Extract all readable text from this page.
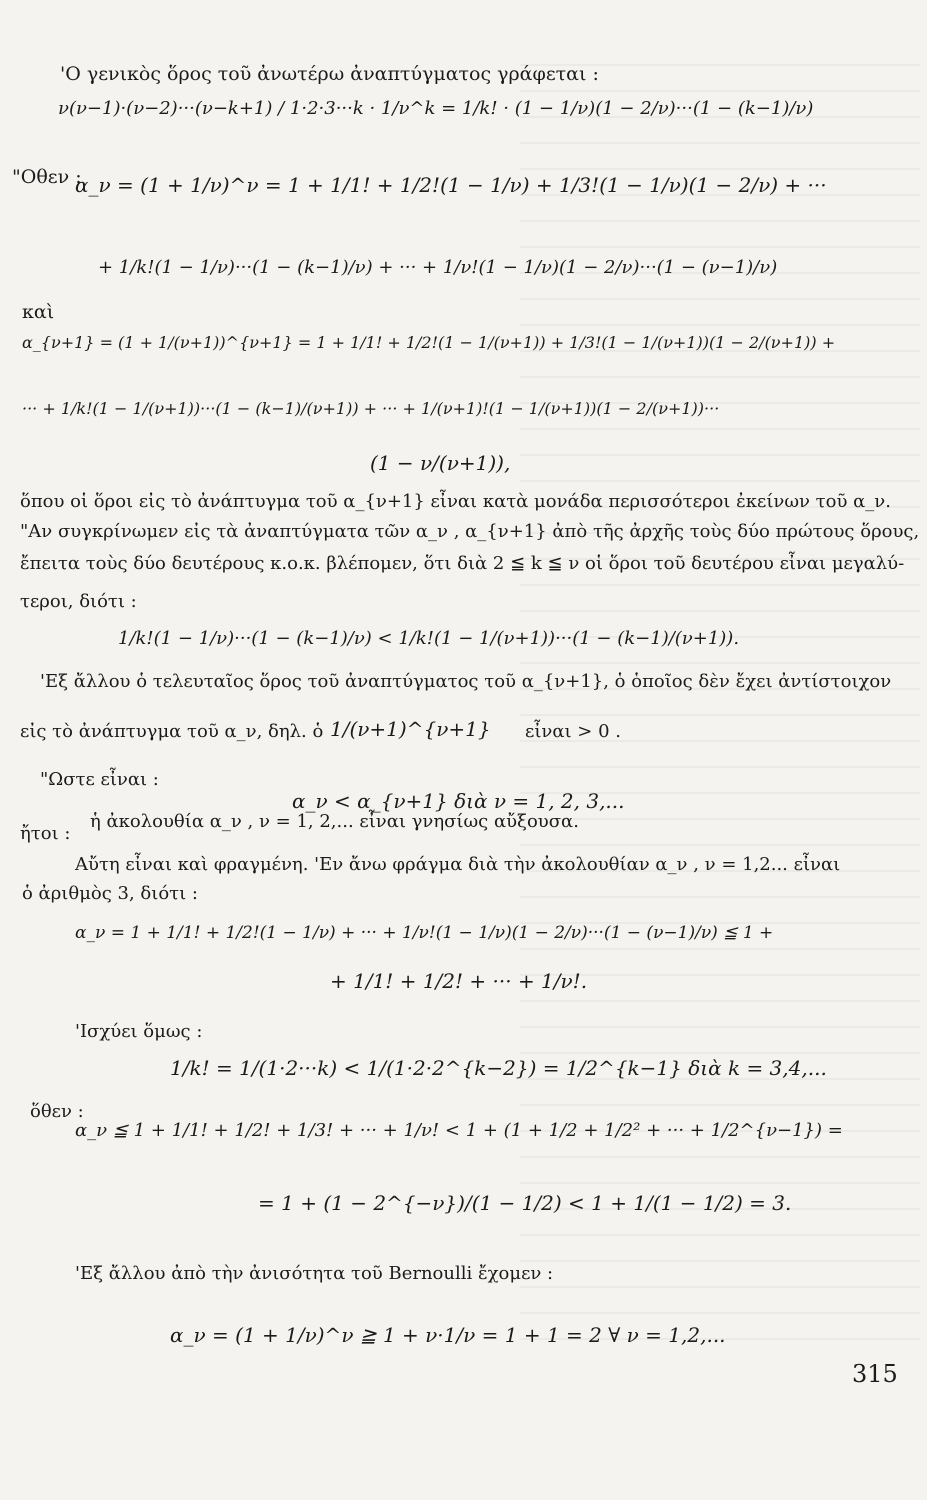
'Ο γενικὸς ὅρος τοῦ ἀνωτέρω ἀναπτύγματος γράφεται :
ν(ν−1)·(ν−2)···(ν−k+1) / 1·2·3···k · 1/ν^k = 1/k! · (1 − 1/ν)(1 − 2/ν)···(1 − (k−1)/ν)
"Οθεν :
α_ν = (1 + 1/ν)^ν = 1 + 1/1! + 1/2!(1 − 1/ν) + 1/3!(1 − 1/ν)(1 − 2/ν) + ···
+ 1/k!(1 − 1/ν)···(1 − (k−1)/ν) + ··· + 1/ν!(1 − 1/ν)(1 − 2/ν)···(1 − (ν−1)/ν)
καὶ
α_{ν+1} = (1 + 1/(ν+1))^{ν+1} = 1 + 1/1! + 1/2!(1 − 1/(ν+1)) + 1/3!(1 − 1/(ν+1))(1 − 2/(ν+1)) +
··· + 1/k!(1 − 1/(ν+1))···(1 − (k−1)/(ν+1)) + ··· + 1/(ν+1)!(1 − 1/(ν+1))(1 − 2/(ν+1))···
(1 − ν/(ν+1)),
ὅπου οἱ ὅροι εἰς τὸ ἀνάπτυγμα τοῦ α_{ν+1} εἶναι κατὰ μονάδα περισσότεροι ἐκείνων τοῦ α_ν.
"Αν συγκρίνωμεν εἰς τὰ ἀναπτύγματα τῶν α_ν , α_{ν+1} ἀπὸ τῆς ἀρχῆς τοὺς δύο πρώτους ὅρους,
ἔπειτα τοὺς δύο δευτέρους κ.ο.κ. βλέπομεν, ὅτι διὰ 2 ≦ k ≦ ν οἱ ὅροι τοῦ δευτέρου εἶναι μεγαλύ-
τεροι, διότι :
1/k!(1 − 1/ν)···(1 − (k−1)/ν) < 1/k!(1 − 1/(ν+1))···(1 − (k−1)/(ν+1)).
'Εξ ἄλλου ὁ τελευταῖος ὅρος τοῦ ἀναπτύγματος τοῦ α_{ν+1}, ὁ ὁποῖος δὲν ἔχει ἀντίστοιχον
εἰς τὸ ἀνάπτυγμα τοῦ α_ν, δηλ. ὁ 1/(ν+1)^{ν+1} εἶναι > 0 .
"Ωστε εἶναι :
α_ν < α_{ν+1} διὰ ν = 1, 2, 3,...
ἤτοι :
ἡ ἀκολουθία α_ν , ν = 1, 2,... εἶναι γνησίως αὔξουσα.
Αὔτη εἶναι καὶ φραγμένη. 'Εν ἄνω φράγμα διὰ τὴν ἀκολουθίαν α_ν , ν = 1,2... εἶναι
ὁ ἀριθμὸς 3, διότι :
α_ν = 1 + 1/1! + 1/2!(1 − 1/ν) + ··· + 1/ν!(1 − 1/ν)(1 − 2/ν)···(1 − (ν−1)/ν) ≦ 1 +
+ 1/1! + 1/2! + ··· + 1/ν!.
'Ισχύει ὅμως :
1/k! = 1/(1·2···k) < 1/(1·2·2^{k−2}) = 1/2^{k−1} διὰ k = 3,4,...
ὅθεν :
α_ν ≦ 1 + 1/1! + 1/2! + 1/3! + ··· + 1/ν! < 1 + (1 + 1/2 + 1/2² + ··· + 1/2^{ν−1}) =
= 1 + (1 − 2^{−ν})/(1 − 1/2) < 1 + 1/(1 − 1/2) = 3.
'Εξ ἄλλου ἀπὸ τὴν ἀνισότητα τοῦ Bernoulli ἔχομεν :
α_ν = (1 + 1/ν)^ν ≧ 1 + ν·1/ν = 1 + 1 = 2 ∀ ν = 1,2,...
315
